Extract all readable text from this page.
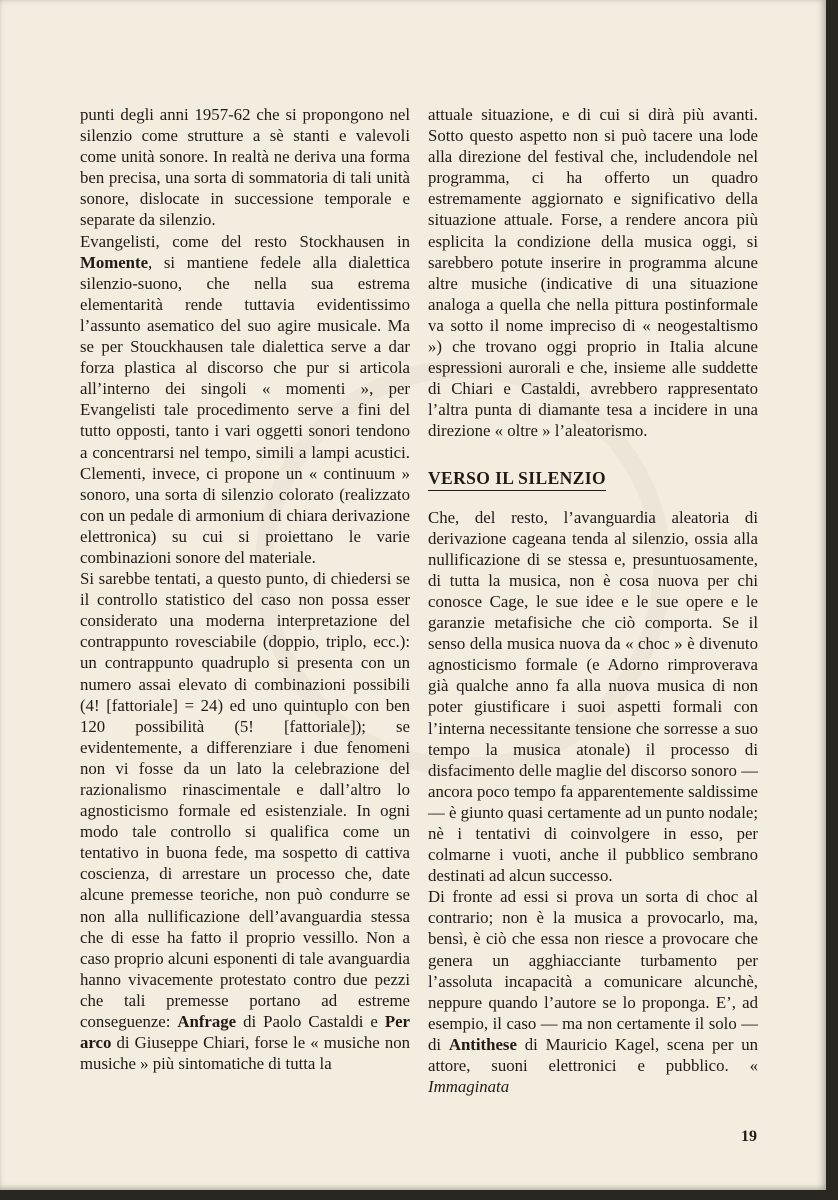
punti degli anni 1957-62 che si propongono nel silenzio come strutture a sè stanti e valevoli come unità sonore. In realtà ne deriva una forma ben precisa, una sorta di sommatoria di tali unità sonore, dislocate in successione temporale e separate da silenzio.

Evangelisti, come del resto Stockhausen in Momente, si mantiene fedele alla dialettica silenzio-suono, che nella sua estrema elementarità rende tuttavia evidentissimo l’assunto asematico del suo agire musicale. Ma se per Stouckhausen tale dialettica serve a dar forza plastica al discorso che pur si articola all’interno dei singoli « momenti », per Evangelisti tale procedimento serve a fini del tutto opposti, tanto i vari oggetti sonori tendono a concentrarsi nel tempo, simili a lampi acustici. Clementi, invece, ci propone un « continuum » sonoro, una sorta di silenzio colorato (realizzato con un pedale di armonium di chiara derivazione elettronica) su cui si proiettano le varie combinazioni sonore del materiale.

Si sarebbe tentati, a questo punto, di chiedersi se il controllo statistico del caso non possa esser considerato una moderna interpretazione del contrappunto rovesciabile (doppio, triplo, ecc.): un contrappunto quadruplo si presenta con un numero assai elevato di combinazioni possibili (4! [fattoriale] = 24) ed uno quintuplo con ben 120 possibilità (5! [fattoriale]); se evidentemente, a differenziare i due fenomeni non vi fosse da un lato la celebrazione del razionalismo rinascimentale e dall’altro lo agnosticismo formale ed esistenziale. In ogni modo tale controllo si qualifica come un tentativo in buona fede, ma sospetto di cattiva coscienza, di arrestare un processo che, date alcune premesse teoriche, non può condurre se non alla nullificazione dell’avanguardia stessa che di esse ha fatto il proprio vessillo. Non a caso proprio alcuni esponenti di tale avanguardia hanno vivacemente protestato contro due pezzi che tali premesse portano ad estreme conseguenze: Anfrage di Paolo Castaldi e Per arco di Giuseppe Chiari, forse le « musiche non musiche » più sintomatiche di tutta la

attuale situazione, e di cui si dirà più avanti. Sotto questo aspetto non si può tacere una lode alla direzione del festival che, includendole nel programma, ci ha offerto un quadro estremamente aggiornato e significativo della situazione attuale. Forse, a rendere ancora più esplicita la condizione della musica oggi, si sarebbero potute inserire in programma alcune altre musiche (indicative di una situazione analoga a quella che nella pittura postinformale va sotto il nome impreciso di « neogestaltismo ») che trovano oggi proprio in Italia alcune espressioni aurorali e che, insieme alle suddette di Chiari e Castaldi, avrebbero rappresentato l’altra punta di diamante tesa a incidere in una direzione « oltre » l’aleatorismo.

VERSO IL SILENZIO

Che, del resto, l’avanguardia aleatoria di derivazione cageana tenda al silenzio, ossia alla nullificazione di se stessa e, presuntuosamente, di tutta la musica, non è cosa nuova per chi conosce Cage, le sue idee e le sue opere e le garanzie metafisiche che ciò comporta. Se il senso della musica nuova da « choc » è divenuto agnosticismo formale (e Adorno rimproverava già qualche anno fa alla nuova musica di non poter giustificare i suoi aspetti formali con l’interna necessitante tensione che sorresse a suo tempo la musica atonale) il processo di disfacimento delle maglie del discorso sonoro — ancora poco tempo fa apparentemente saldissime — è giunto quasi certamente ad un punto nodale; nè i tentativi di coinvolgere in esso, per colmarne i vuoti, anche il pubblico sembrano destinati ad alcun successo.

Di fronte ad essi si prova un sorta di choc al contrario; non è la musica a provocarlo, ma, bensì, è ciò che essa non riesce a provocare che genera un agghiacciante turbamento per l’assoluta incapacità a comunicare alcunchè, neppure quando l’autore se lo proponga. E’, ad esempio, il caso — ma non certamente il solo — di Antithese di Mauricio Kagel, scena per un attore, suoni elettronici e pubblico. « Immaginata

19
